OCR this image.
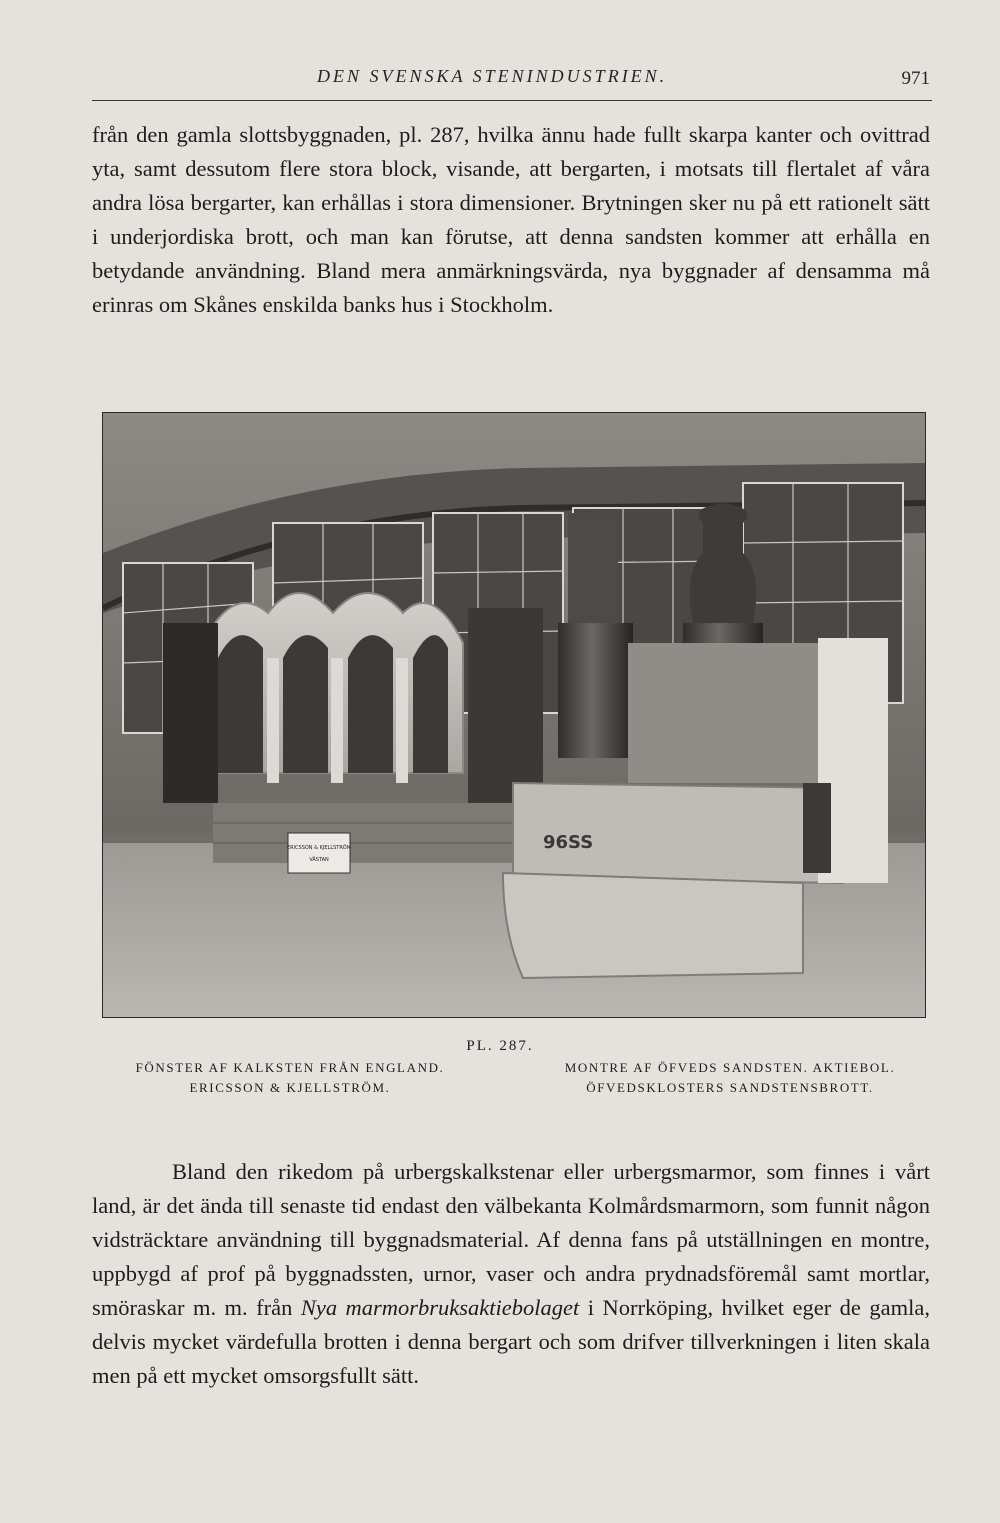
DEN SVENSKA STENINDUSTRIEN.	971
från den gamla slottsbyggnaden, pl. 287, hvilka ännu hade fullt skarpa kanter och ovittrad yta, samt dessutom flere stora block, visande, att bergarten, i motsats till flertalet af våra andra lösa bergarter, kan erhållas i stora dimensioner. Brytningen sker nu på ett rationelt sätt i underjordiska brott, och man kan förutse, att denna sandsten kommer att erhålla en betydande användning. Bland mera anmärkningsvärda, nya byggnader af densamma må erinras om Skånes enskilda banks hus i Stockholm.
ERICSSON & KJELLSTRÖM
VÄSTAN
96SS
PL. 287.
FÖNSTER AF KALKSTEN FRÅN ENGLAND.
ERICSSON & KJELLSTRÖM.
MONTRE AF ÖFVEDS SANDSTEN. AKTIEBOL.
ÖFVEDSKLOSTERS SANDSTENSBROTT.
Bland den rikedom på urbergskalkstenar eller urbergsmarmor, som finnes i vårt land, är det ända till senaste tid endast den välbekanta Kolmårdsmarmorn, som funnit någon vidsträcktare användning till byggnadsmaterial. Af denna fans på utställningen en montre, uppbygd af prof på byggnadssten, urnor, vaser och andra prydnadsföremål samt mortlar, smöraskar m. m. från Nya marmorbruksaktiebolaget i Norrköping, hvilket eger de gamla, delvis mycket värdefulla brotten i denna bergart och som drifver tillverkningen i liten skala men på ett mycket omsorgsfullt sätt.
